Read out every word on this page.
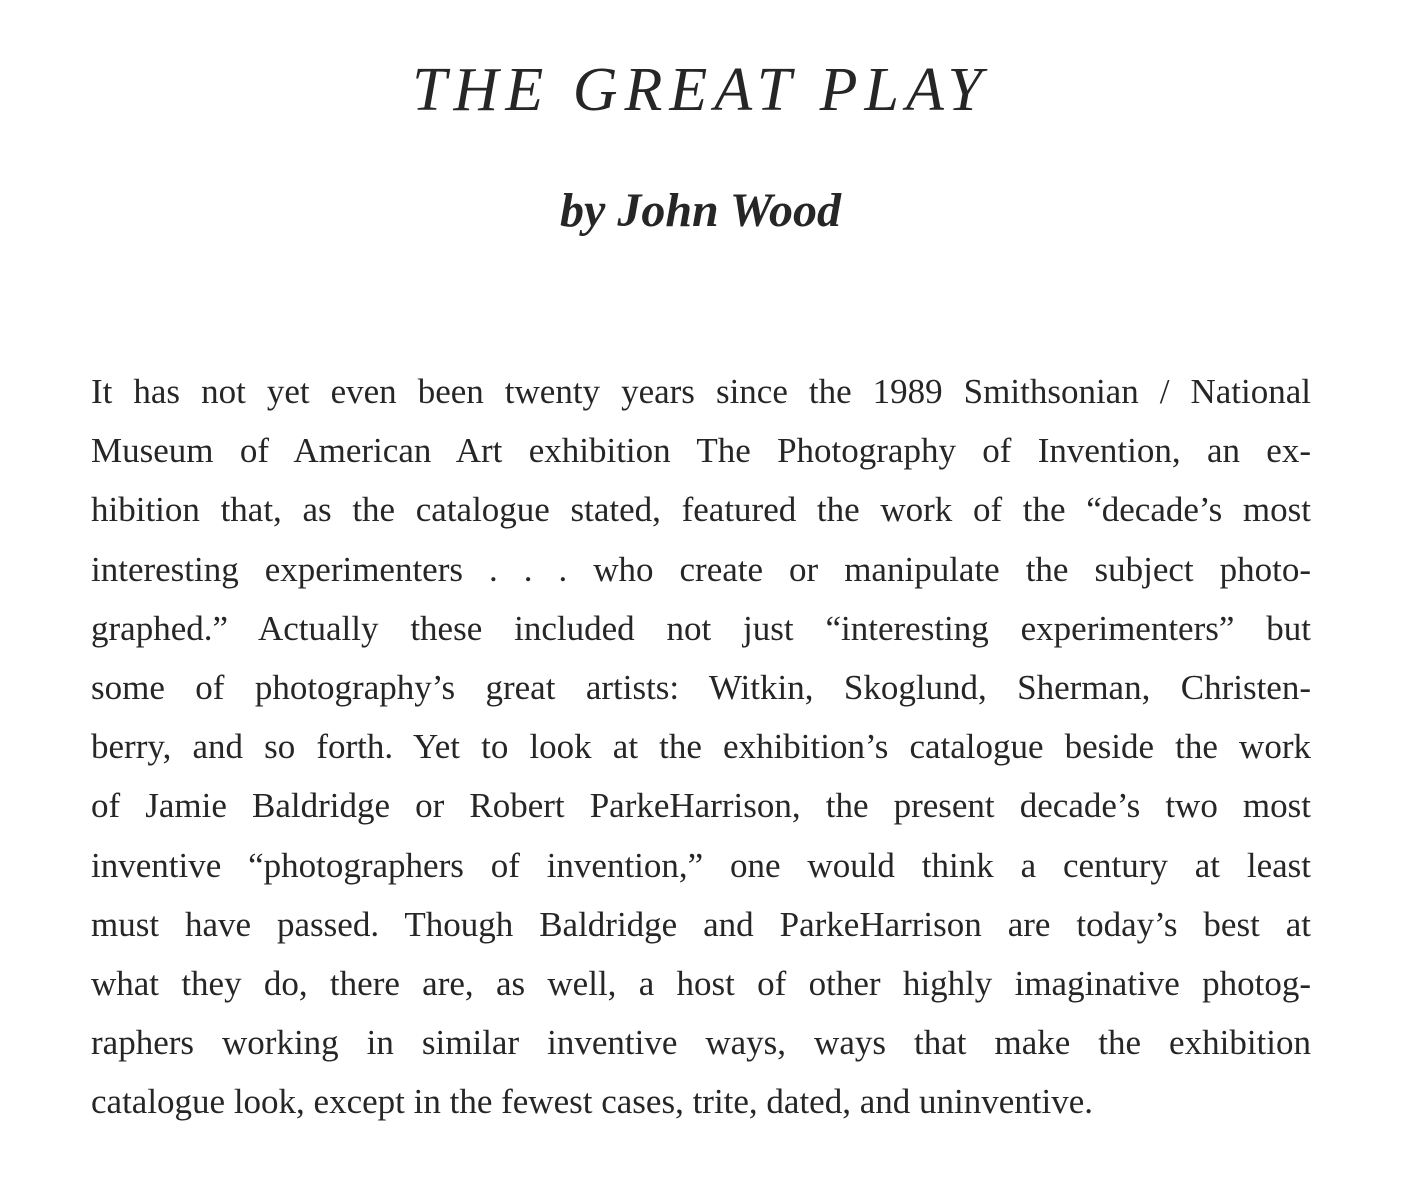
THE GREAT PLAY
by John Wood
It has not yet even been twenty years since the 1989 Smithsonian / National
Museum of American Art exhibition The Photography of Invention, an ex-
hibition that, as the catalogue stated, featured the work of the “decade’s most
interesting experimenters . . . who create or manipulate the subject photo-
graphed.” Actually these included not just “interesting experimenters” but
some of photography’s great artists: Witkin, Skoglund, Sherman, Christen-
berry, and so forth. Yet to look at the exhibition’s catalogue beside the work
of Jamie Baldridge or Robert ParkeHarrison, the present decade’s two most
inventive “photographers of invention,” one would think a century at least
must have passed. Though Baldridge and ParkeHarrison are today’s best at
what they do, there are, as well, a host of other highly imaginative photog-
raphers working in similar inventive ways, ways that make the exhibition
catalogue look, except in the fewest cases, trite, dated, and uninventive.
